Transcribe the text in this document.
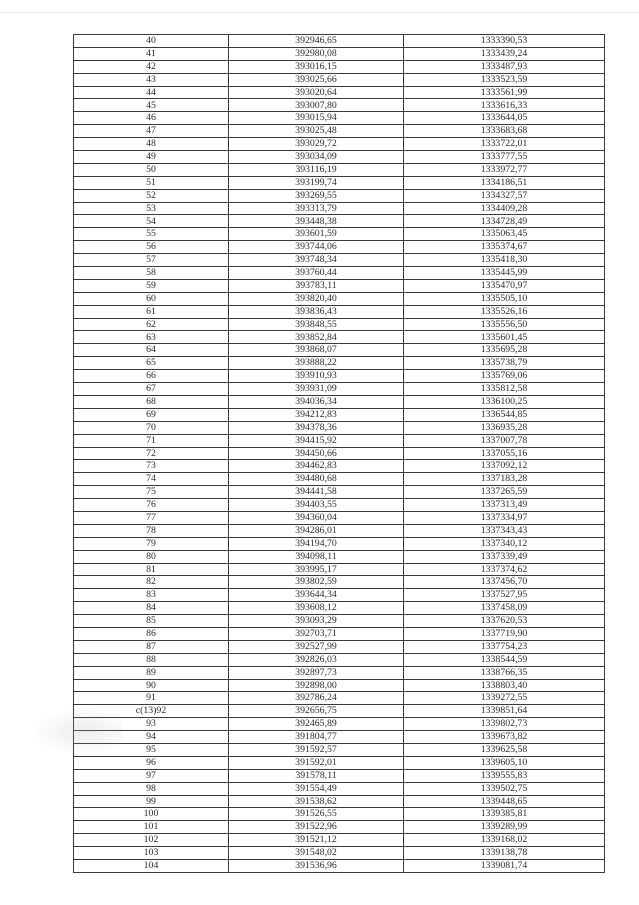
40	392946,65	1333390,53
41	392980,08	1333439,24
42	393016,15	1333487,93
43	393025,66	1333523,59
44	393020,64	1333561,99
45	393007,80	1333616,33
46	393015,94	1333644,05
47	393025,48	1333683,68
48	393029,72	1333722,01
49	393034,09	1333777,55
50	393116,19	1333972,77
51	393199,74	1334186,51
52	393269,55	1334327,57
53	393313,79	1334409,28
54	393448,38	1334728,49
55	393601,59	1335063,45
56	393744,06	1335374,67
57	393748,34	1335418,30
58	393760,44	1335445,99
59	393783,11	1335470,97
60	393820,40	1335505,10
61	393836,43	1335526,16
62	393848,55	1335556,50
63	393852,84	1335601,45
64	393868,07	1335695,28
65	393888,22	1335738,79
66	393910,93	1335769,06
67	393931,09	1335812,58
68	394036,34	1336100,25
69	394212,83	1336544,85
70	394378,36	1336935,28
71	394415,92	1337007,78
72	394450,66	1337055,16
73	394462,83	1337092,12
74	394480,68	1337183,28
75	394441,58	1337265,59
76	394403,55	1337313,49
77	394360,04	1337334,97
78	394286,01	1337343,43
79	394194,70	1337340,12
80	394098,11	1337339,49
81	393995,17	1337374,62
82	393802,59	1337456,70
83	393644,34	1337527,95
84	393608,12	1337458,09
85	393093,29	1337620,53
86	392703,71	1337719,90
87	392527,99	1337754,23
88	392826,03	1338544,59
89	392897,73	1338766,35
90	392898,00	1338803,40
91	392786,24	1339272,55
c(13)92	392656,75	1339851,64
93	392465,89	1339802,73
94	391804,77	1339673,82
95	391592,57	1339625,58
96	391592,01	1339605,10
97	391578,11	1339555,83
98	391554,49	1339502,75
99	391538,62	1339448,65
100	391526,55	1339385,81
101	391522,96	1339289,99
102	391521,12	1339168,02
103	391548,02	1339138,78
104	391536,96	1339081,74
